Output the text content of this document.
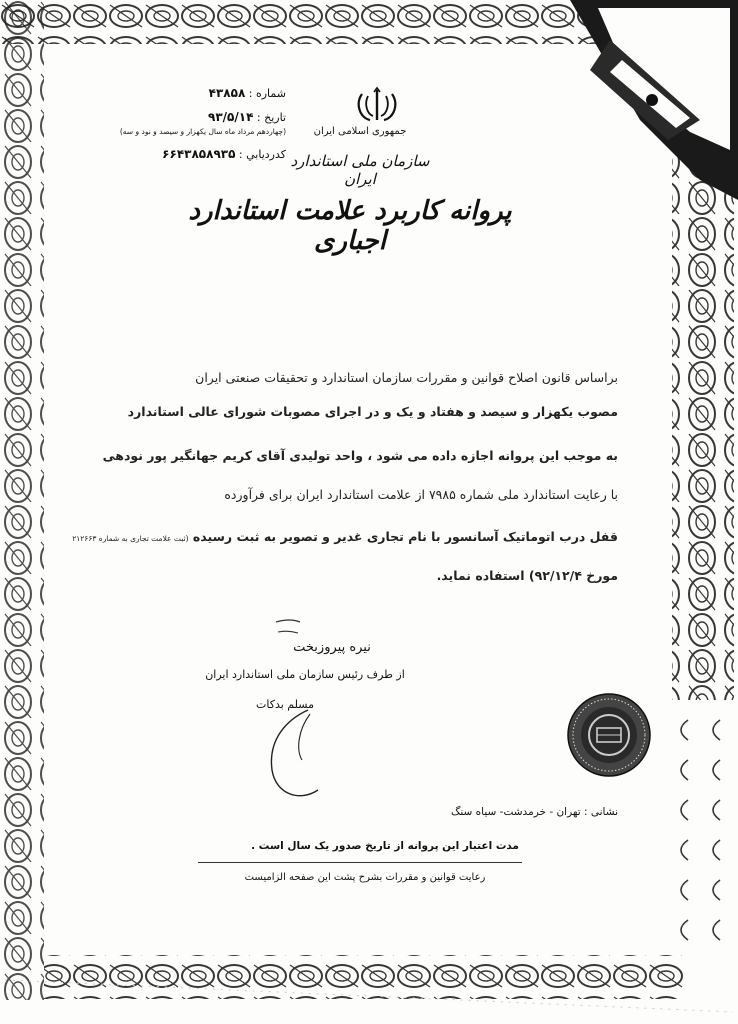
جمهوری اسلامی ایران
سازمان ملی استاندارد ایران
شماره : ۴۳۸۵۸
تاریخ : ۹۳/۵/۱۴
(چهاردهم مرداد ماه سال یکهزار و سیصد و نود و سه)
کدرديابي : ۶۶۴۳۸۵۸۹۳۵
پروانه کاربرد علامت استاندارد اجباری
براساس قانون اصلاح قوانین و مقررات سازمان استاندارد و تحقیقات صنعتی ایران
مصوب یکهزار و سیصد و هفتاد و یک و در اجرای مصوبات شورای عالی استاندارد
به موجب این پروانه اجازه داده می شود ، واحد تولیدی آقای کریم جهانگیر پور نودهی
با رعایت استاندارد ملی شماره ۷۹۸۵ از علامت استاندارد ایران برای فرآورده
قفل درب اتوماتیک آسانسور با نام تجاری غدیر و تصویر به ثبت رسیده (ثبت علامت تجاری به شماره ۲۱۲۶۶۳
مورخ ۹۲/۱۲/۴) استفاده نماید.
نیره پیروزبخت
از طرف رئیس سازمان ملی استاندارد ایران
مسلم بدکات
نشانی : تهران - خرمدشت- سیاه سنگ
مدت اعتبار این پروانه از تاریخ صدور یک سال است .
رعایت قوانین و مقررات بشرح پشت این صفحه الزامیست
